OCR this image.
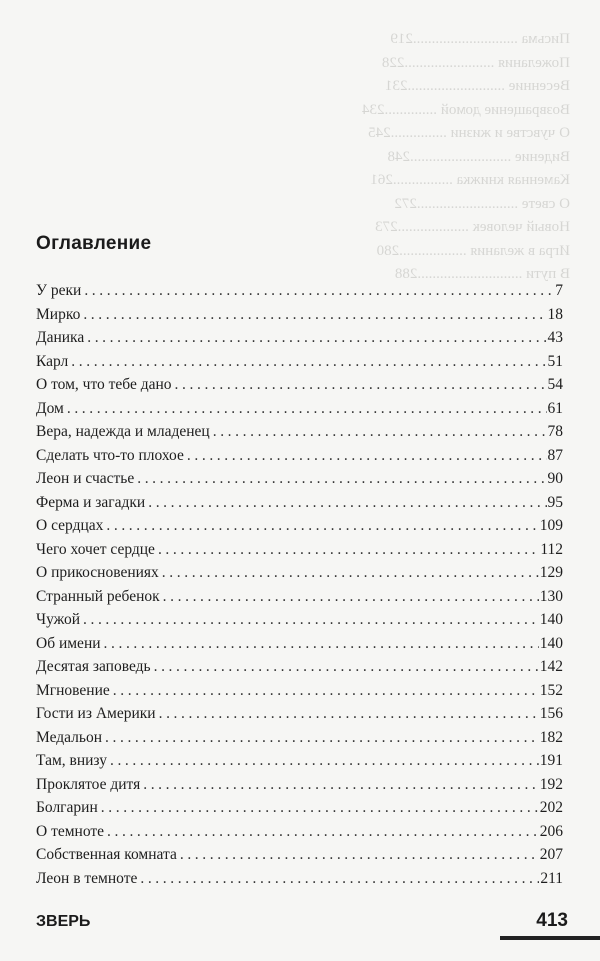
Письма ............................219
Пожелания ........................228
Весенние ..........................231
Возвращение домой ..............234
О чувстве и жизни ...............245
Видение ...........................248
Каменная книжка ................261
О свете ...........................272
Новый человек ...................273
Игра в желания ..................280
В пути ............................288
Оглавление
У реки .....	7
Мирко .....	18
Даника .....	43
Карл .....	51
О том, что тебе дано .....	54
Дом .....	61
Вера, надежда и младенец .....	78
Сделать что-то плохое .....	87
Леон и счастье .....	90
Ферма и загадки .....	95
О сердцах .....	109
Чего хочет сердце .....	112
О прикосновениях .....	129
Странный ребенок .....	130
Чужой .....	140
Об имени .....	140
Десятая заповедь .....	142
Мгновение .....	152
Гости из Америки .....	156
Медальон .....	182
Там, внизу .....	191
Проклятое дитя .....	192
Болгарин .....	202
О темноте .....	206
Собственная комната .....	207
Леон в темноте .....	211
ЗВЕРЬ	413
